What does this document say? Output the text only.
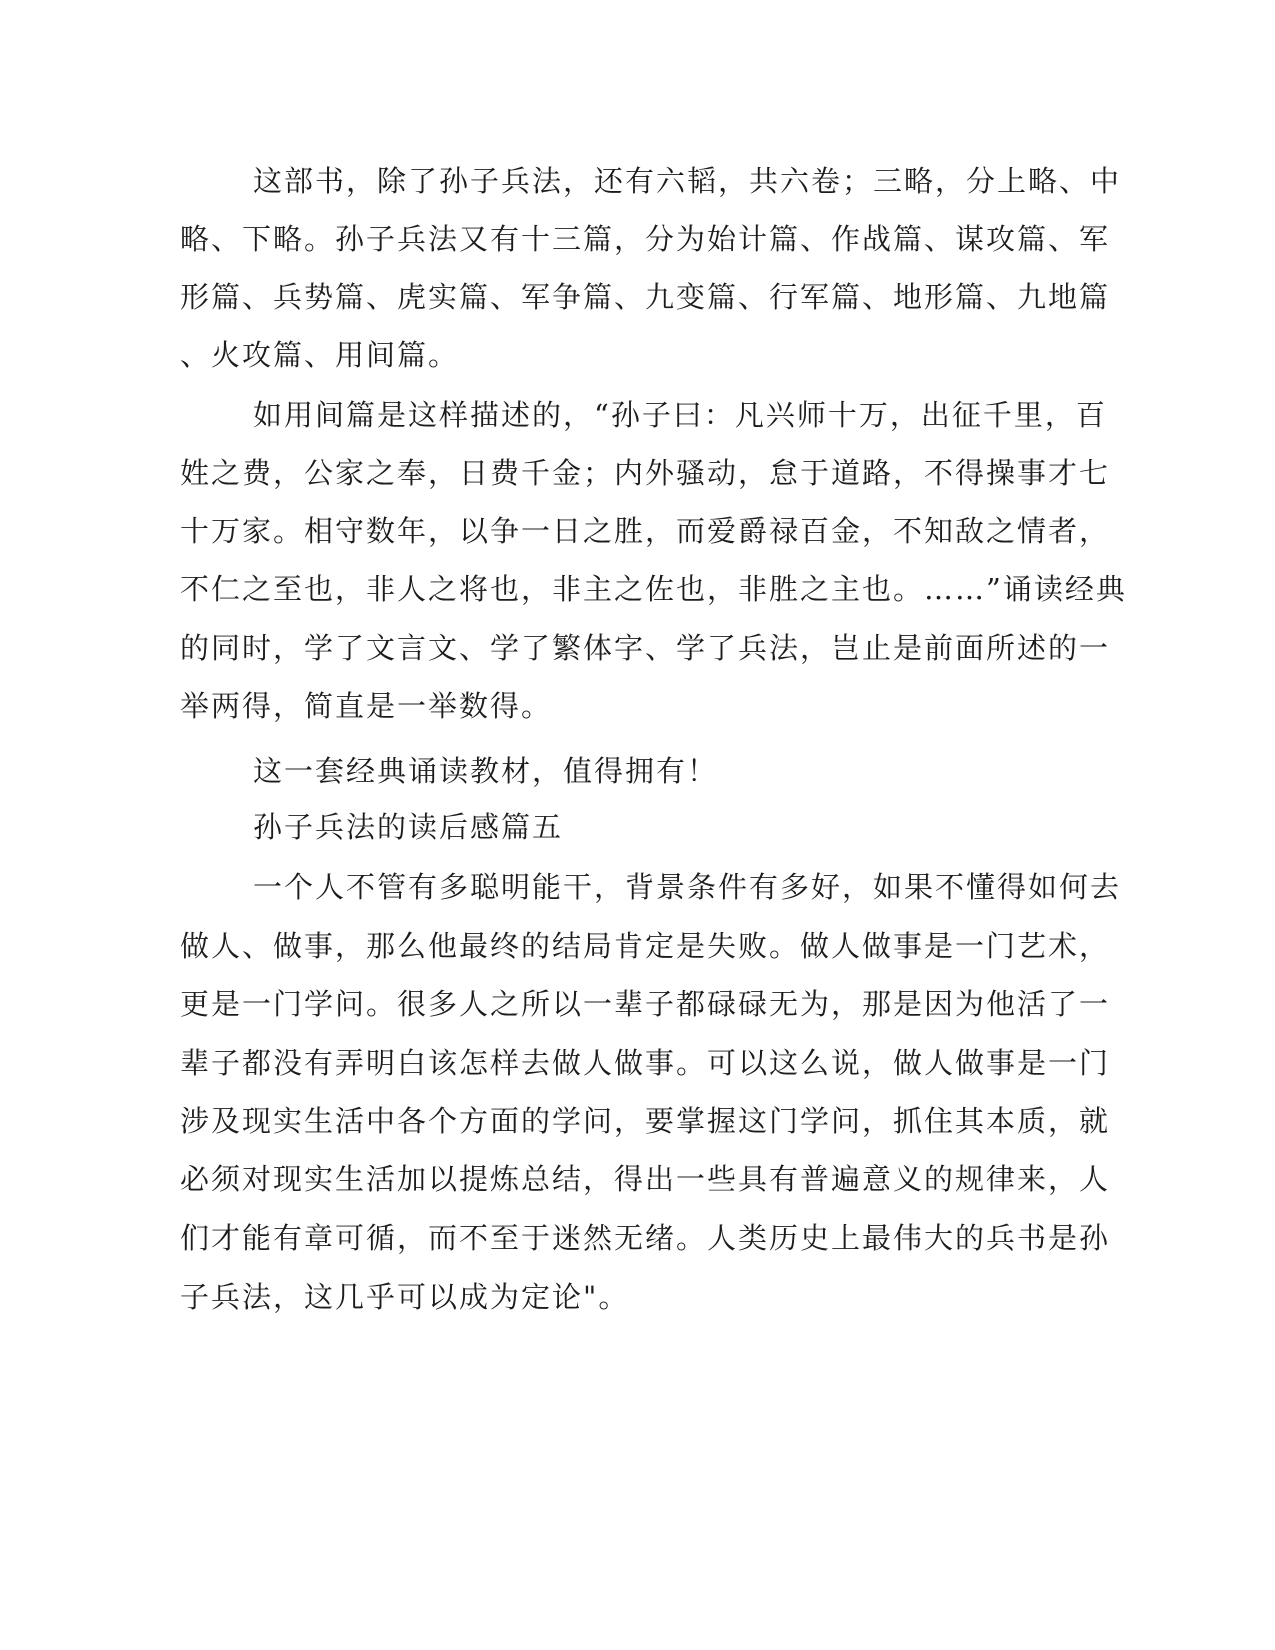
这部书，除了孙子兵法，还有六韬，共六卷；三略，分上略、中
略、下略。孙子兵法又有十三篇，分为始计篇、作战篇、谋攻篇、军
形篇、兵势篇、虎实篇、军争篇、九变篇、行军篇、地形篇、九地篇
、火攻篇、用间篇。
如用间篇是这样描述的，“孙子曰：凡兴师十万，出征千里，百
姓之费，公家之奉，日费千金；内外骚动，怠于道路，不得操事才七
十万家。相守数年，以争一日之胜，而爱爵禄百金，不知敌之情者，
不仁之至也，非人之将也，非主之佐也，非胜之主也。……”诵读经典
的同时，学了文言文、学了繁体字、学了兵法，岂止是前面所述的一
举两得，简直是一举数得。
这一套经典诵读教材，值得拥有！
孙子兵法的读后感篇五
一个人不管有多聪明能干，背景条件有多好，如果不懂得如何去
做人、做事，那么他最终的结局肯定是失败。做人做事是一门艺术，
更是一门学问。很多人之所以一辈子都碌碌无为，那是因为他活了一
辈子都没有弄明白该怎样去做人做事。可以这么说，做人做事是一门
涉及现实生活中各个方面的学问，要掌握这门学问，抓住其本质，就
必须对现实生活加以提炼总结，得出一些具有普遍意义的规律来，人
们才能有章可循，而不至于迷然无绪。人类历史上最伟大的兵书是孙
子兵法，这几乎可以成为定论"。
